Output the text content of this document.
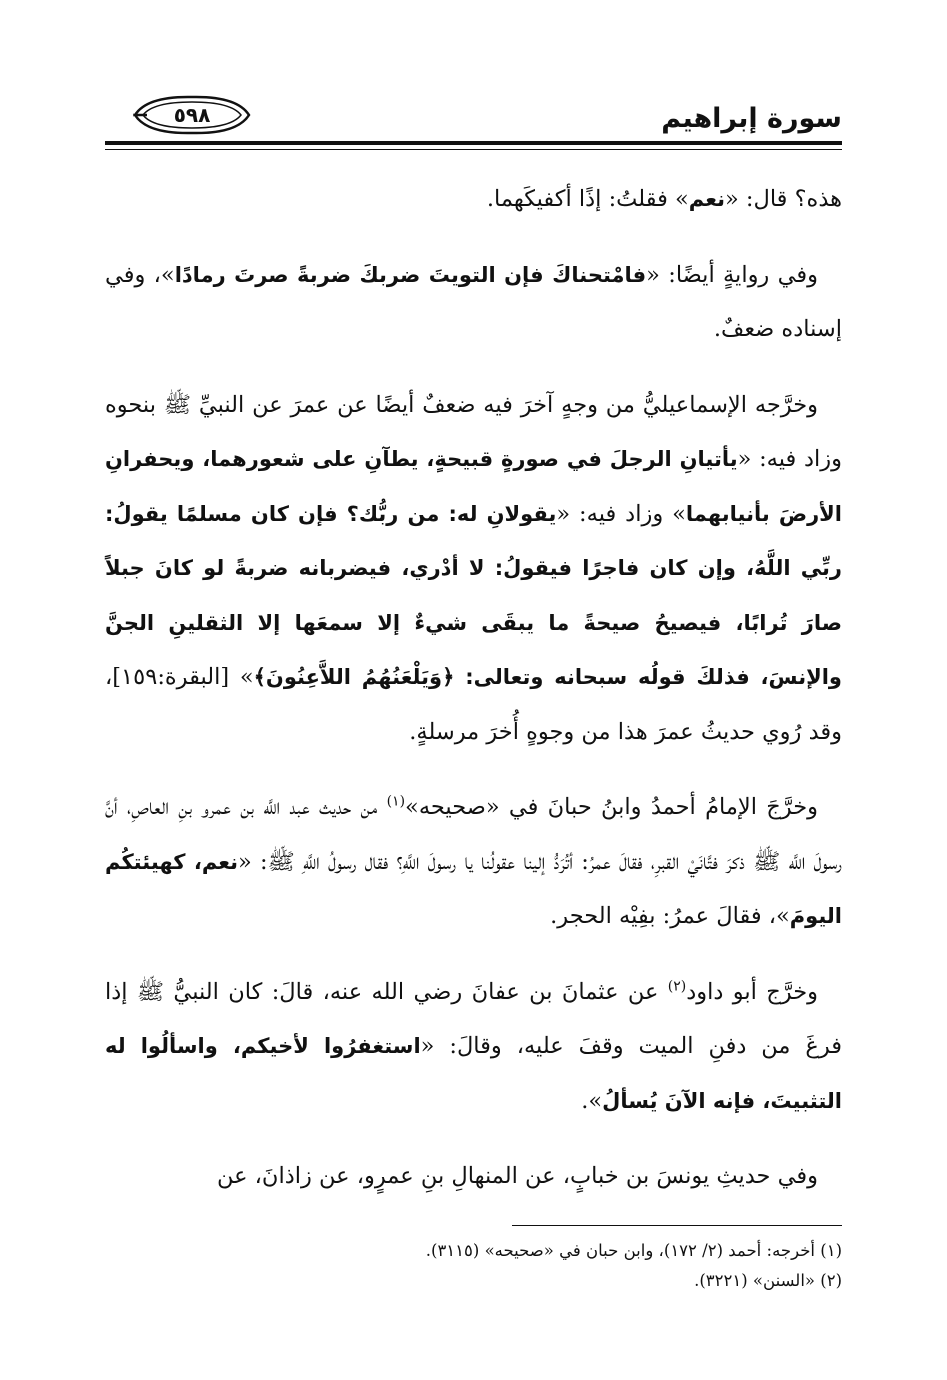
سورة إبراهيم
٥٩٨

هذه؟ قال: «نعم» فقلتُ: إذًا أكفيكَهما.

وفي روايةٍ أيضًا: «فامْتحناكَ فإن التويتَ ضربكَ ضربةً صرتَ رمادًا»، وفي إسناده ضعفٌ.

وخرَّجه الإسماعيليُّ من وجهٍ آخرَ فيه ضعفٌ أيضًا عن عمرَ عن النبيِّ ﷺ بنحوه وزاد فيه: «يأتيانِ الرجلَ في صورةٍ قبيحةٍ، يطآنِ على شعورهما، ويحفرانِ الأرضَ بأنيابهما» وزاد فيه: «يقولانِ له: من ربُّك؟ فإن كان مسلمًا يقولُ: ربِّي اللَّهُ، وإن كان فاجرًا فيقولُ: لا أدْري، فيضربانه ضربةً لو كانَ جبلاً صارَ تُرابًا، فيصيحُ صيحةً ما يبقَى شيءٌ إلا سمعَها إلا الثقلينِ الجنَّ والإنسَ، فذلكَ قولُه سبحانه وتعالى: ﴿وَيَلْعَنُهُمُ اللاَّعِنُونَ﴾» [البقرة:١٥٩]، وقد رُوي حديثُ عمرَ هذا من وجوهٍ أُخرَ مرسلةٍ.

وخرَّجَ الإمامُ أحمدُ وابنُ حبانَ في «صحيحه»$^{(١)}$ من حديث عبد اللَّه بن عمرو بنِ العاصِ، أنَّ رسولَ اللَّه ﷺ ذكرَ فتَّانَيْ القبرِ، فقالَ عمرُ: أتُرَدُّ إلينا عقولُنا يا رسولَ اللَّهِ؟ فقال رسولُ اللَّهِ ﷺ: «نعم، كهيئتكُم اليومَ»، فقالَ عمرُ: بفِيْه الحجر.

وخرَّج أبو داود$^{(٢)}$ عن عثمانَ بن عفانَ رضي الله عنه، قالَ: كان النبيُّ ﷺ إذا فرغَ من دفنِ الميت وقفَ عليه، وقالَ: «استغفرُوا لأخيكم، واسألُوا له التثبيتَ، فإنه الآنَ يُسألُ».

وفي حديثِ يونسَ بن خبابٍ، عن المنهالِ بنِ عمرٍو، عن زاذانَ، عن

(١) أخرجه: أحمد (٢/ ١٧٢)، وابن حبان في «صحيحه» (٣١١٥).
(٢) «السنن» (٣٢٢١).
